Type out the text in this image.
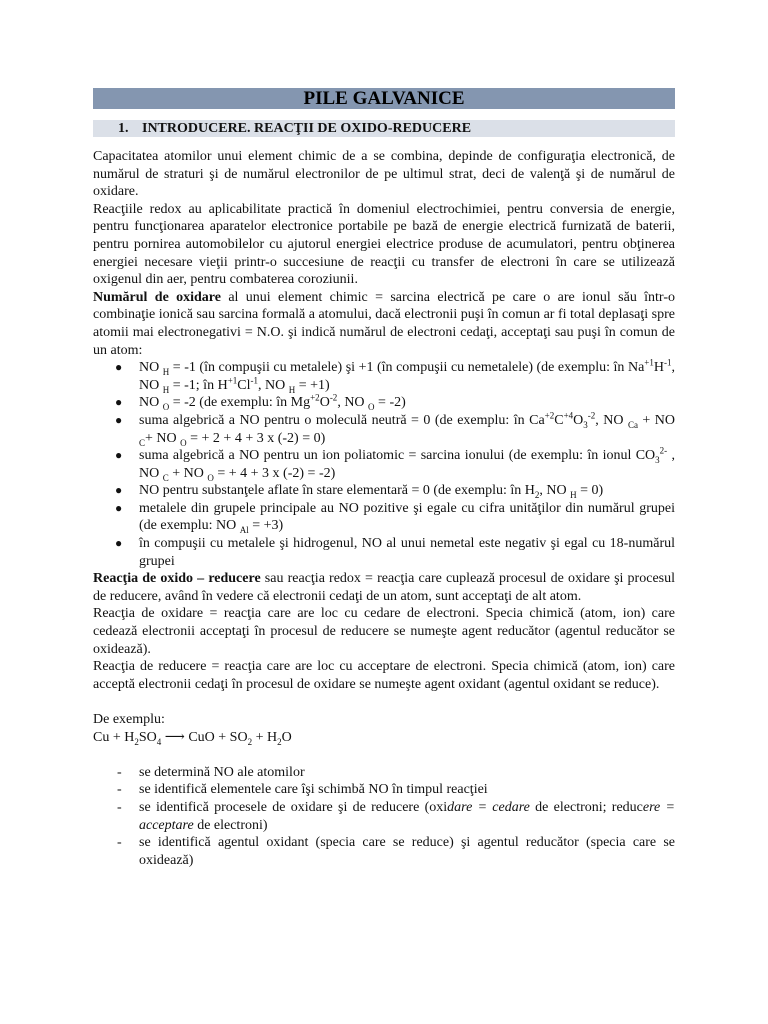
PILE GALVANICE
1. INTRODUCERE. REACŢII DE OXIDO-REDUCERE

Capacitatea atomilor unui element chimic de a se combina, depinde de configuraţia electronică, de numărul de straturi şi de numărul electronilor de pe ultimul strat, deci de valenţă şi de numărul de oxidare.

Reacţiile redox au aplicabilitate practică în domeniul electrochimiei, pentru conversia de energie, pentru funcţionarea aparatelor electronice portabile pe bază de energie electrică furnizată de baterii, pentru pornirea automobilelor cu ajutorul energiei electrice produse de acumulatori, pentru obţinerea energiei necesare vieţii printr-o succesiune de reacţii cu transfer de electroni în care se utilizează oxigenul din aer, pentru combaterea coroziunii.

Numărul de oxidare al unui element chimic = sarcina electrică pe care o are ionul său într-o combinaţie ionică sau sarcina formală a atomului, dacă electronii puşi în comun ar fi total deplasaţi spre atomii mai electronegativi = N.O. şi indică numărul de electroni cedaţi, acceptaţi sau puşi în comun de un atom:

● NO $_H$ = -1 (în compuşii cu metalele) şi +1 (în compuşii cu nemetalele) (de exemplu: în $Na^{+1}H^{-1}$, NO $_H$ = -1; în $H^{+1}Cl^{-1}$, NO $_H$ = +1)
● NO $_O$ = -2 (de exemplu: în $Mg^{+2}O^{-2}$, NO $_O$ = -2)
● suma algebrică a NO pentru o moleculă neutră = 0 (de exemplu: în $Ca^{+2}C^{+4}O_3^{-2}$, NO $_{Ca}$ + NO $_C$+ NO $_O$ = + 2 + 4 + 3 x (-2) = 0)
● suma algebrică a NO pentru un ion poliatomic = sarcina ionului (de exemplu: în ionul $CO_3^{2-}$ , NO $_C$ + NO $_O$ = + 4 + 3 x (-2) = -2)
● NO pentru substanţele aflate în stare elementară = 0 (de exemplu: în $H_2$, NO $_H$ = 0)
● metalele din grupele principale au NO pozitive şi egale cu cifra unităţilor din numărul grupei (de exemplu: NO $_{Al}$ = +3)
● în compuşii cu metalele şi hidrogenul, NO al unui nemetal este negativ şi egal cu 18-numărul grupei

Reacţia de oxido – reducere sau reacţia redox = reacţia care cuplează procesul de oxidare şi procesul de reducere, având în vedere că electronii cedaţi de un atom, sunt acceptaţi de alt atom.

Reacţia de oxidare = reacţia care are loc cu cedare de electroni. Specia chimică (atom, ion) care cedează electronii acceptaţi în procesul de reducere se numeşte agent reducător (agentul reducător se oxidează).

Reacţia de reducere = reacţia care are loc cu acceptare de electroni. Specia chimică (atom, ion) care acceptă electronii cedaţi în procesul de oxidare se numeşte agent oxidant (agentul oxidant se reduce).

De exemplu:

$Cu + H_2SO_4$ ⟶ CuO + $SO_2 + H_2O$

- se determină NO ale atomilor
- se identifică elementele care îşi schimbă NO în timpul reacţiei
- se identifică procesele de oxidare şi de reducere (oxidare = cedare de electroni; reducere = acceptare de electroni)
- se identifică agentul oxidant (specia care se reduce) şi agentul reducător (specia care se oxidează)
